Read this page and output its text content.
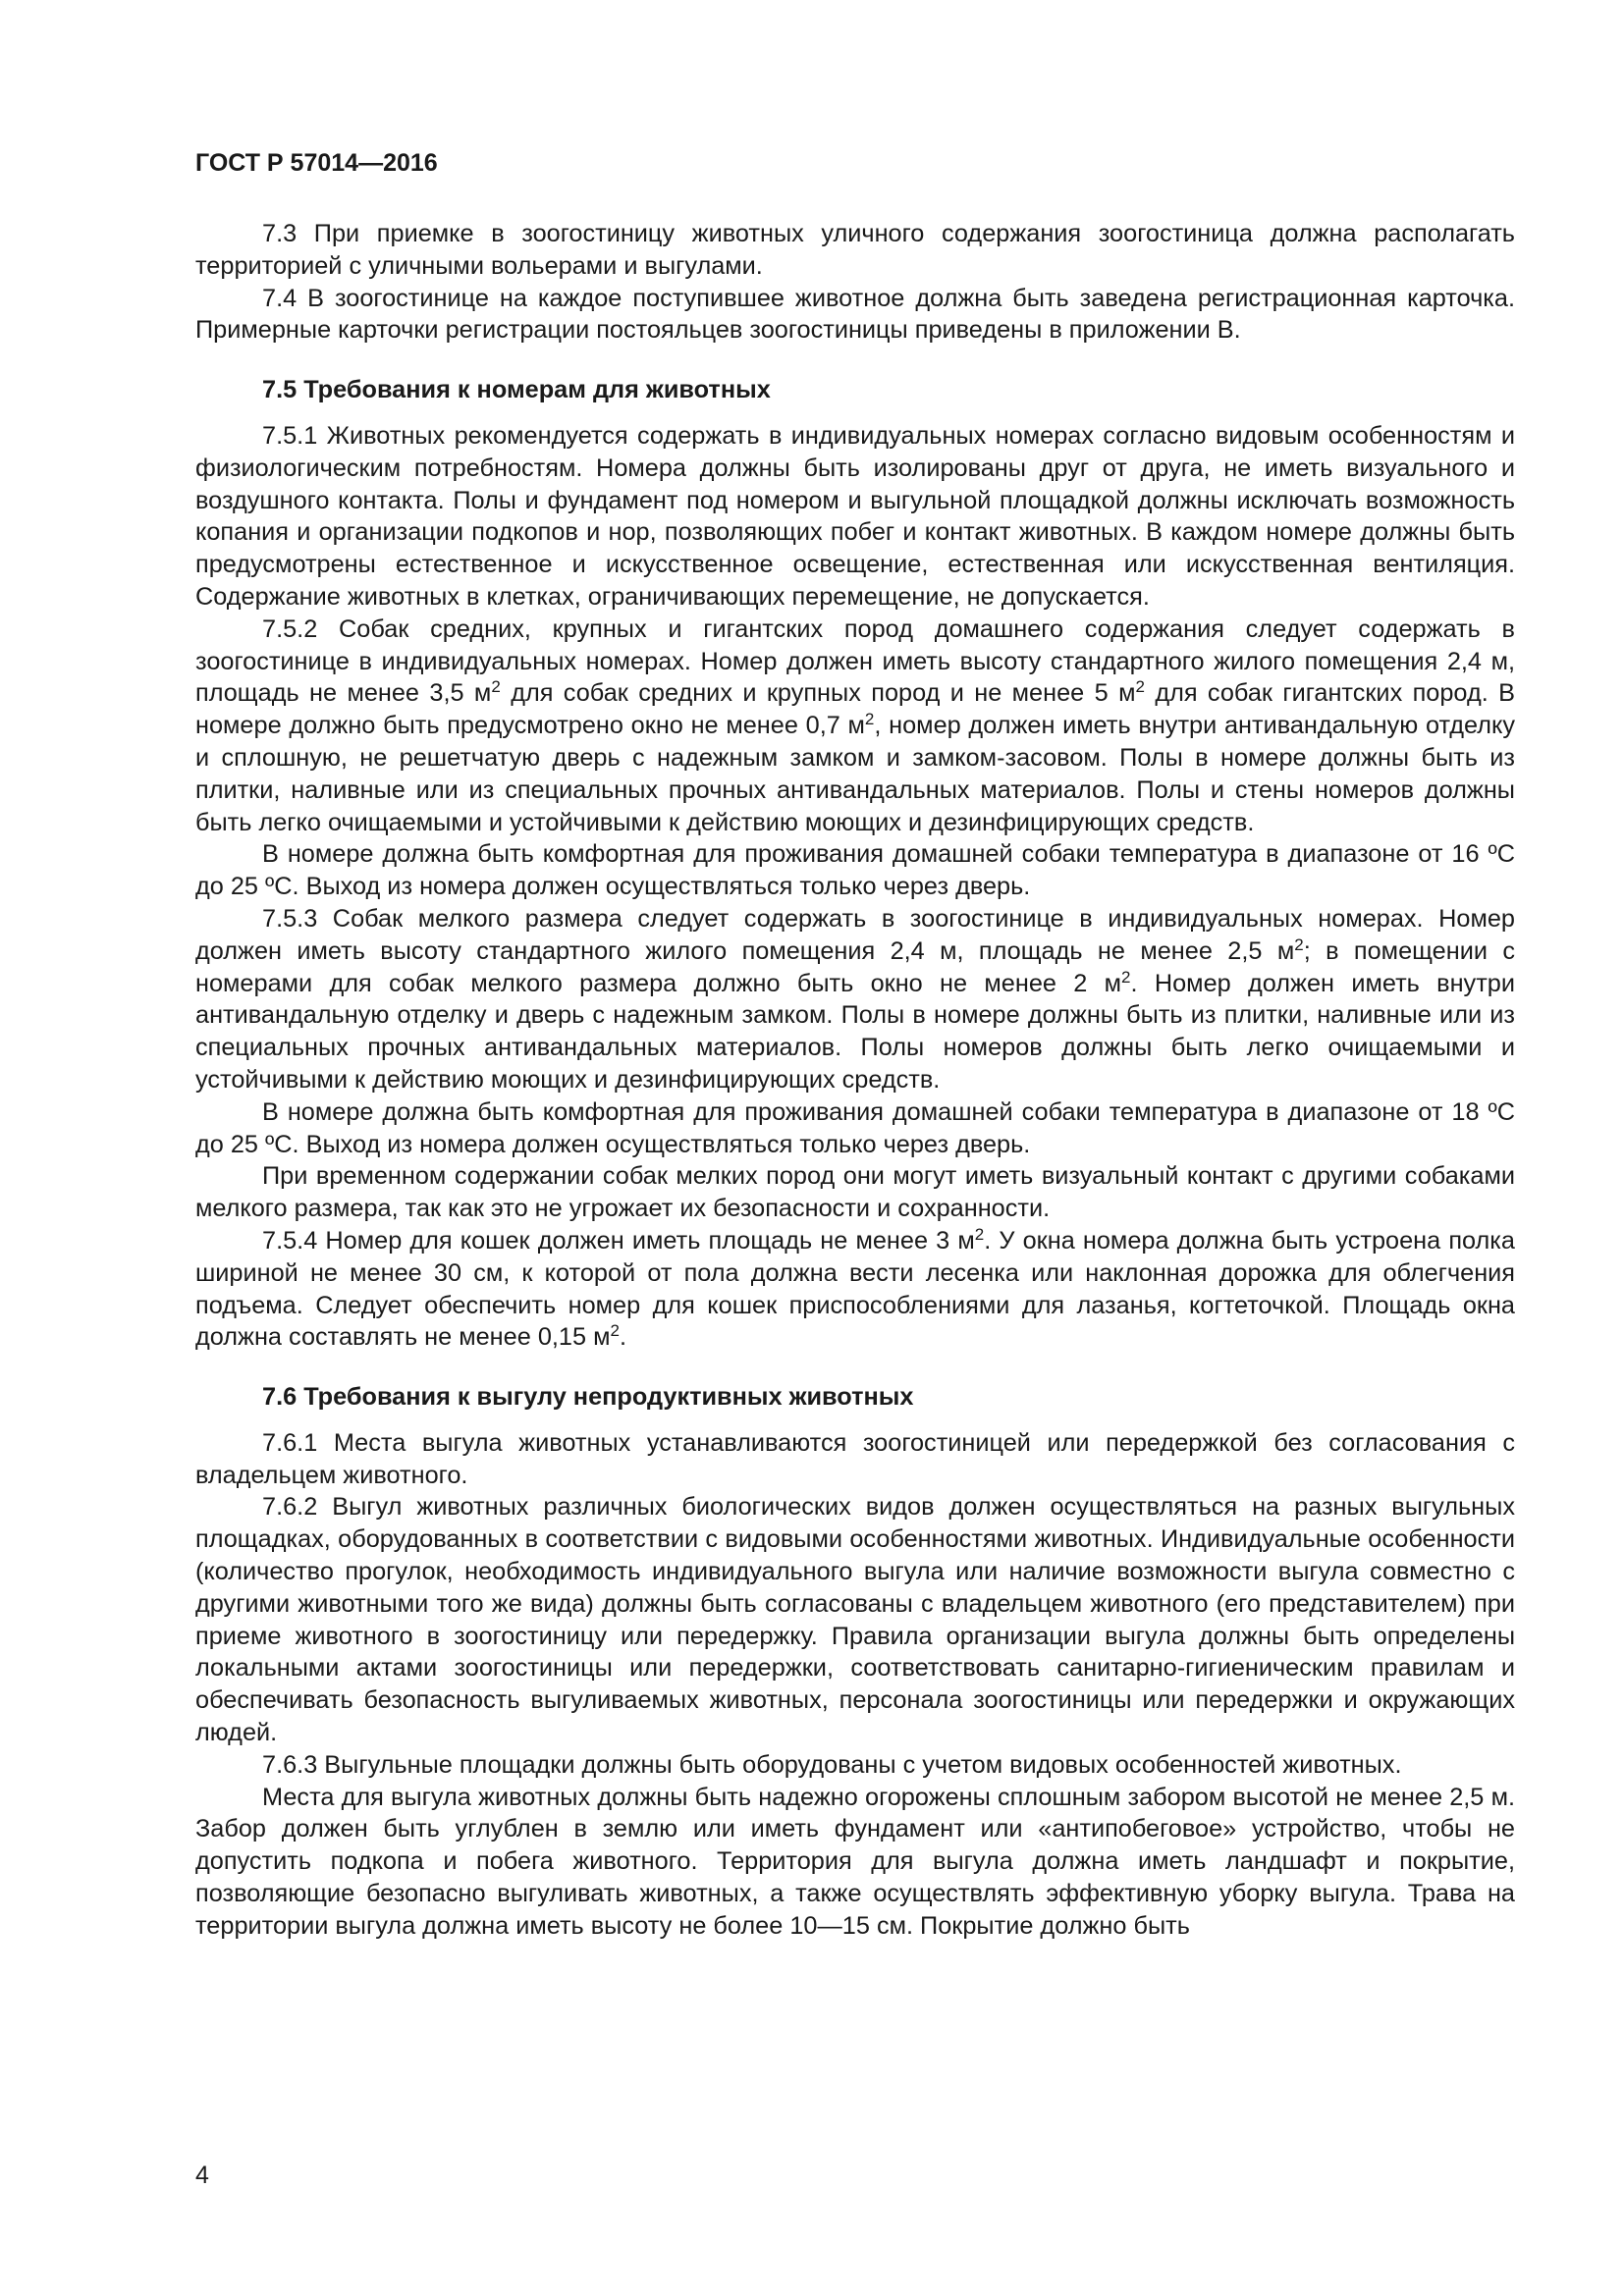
ГОСТ Р 57014—2016

7.3 При приемке в зоогостиницу животных уличного содержания зоогостиница должна располагать территорией с уличными вольерами и выгулами.

7.4 В зоогостинице на каждое поступившее животное должна быть заведена регистрационная карточка. Примерные карточки регистрации постояльцев зоогостиницы приведены в приложении В.

7.5 Требования к номерам для животных

7.5.1 Животных рекомендуется содержать в индивидуальных номерах согласно видовым особенностям и физиологическим потребностям. Номера должны быть изолированы друг от друга, не иметь визуального и воздушного контакта. Полы и фундамент под номером и выгульной площадкой должны исключать возможность копания и организации подкопов и нор, позволяющих побег и контакт животных. В каждом номере должны быть предусмотрены естественное и искусственное освещение, естественная или искусственная вентиляция. Содержание животных в клетках, ограничивающих перемещение, не допускается.

7.5.2 Собак средних, крупных и гигантских пород домашнего содержания следует содержать в зоогостинице в индивидуальных номерах. Номер должен иметь высоту стандартного жилого помещения 2,4 м, площадь не менее 3,5 $м^2$ для собак средних и крупных пород и не менее 5 $м^2$ для собак гигантских пород. В номере должно быть предусмотрено окно не менее 0,7 $м^2$, номер должен иметь внутри антивандальную отделку и сплошную, не решетчатую дверь с надежным замком и замком-засовом. Полы в номере должны быть из плитки, наливные или из специальных прочных антивандальных материалов. Полы и стены номеров должны быть легко очищаемыми и устойчивыми к действию моющих и дезинфицирующих средств.

В номере должна быть комфортная для проживания домашней собаки температура в диапазоне от 16 ºС до 25 ºС. Выход из номера должен осуществляться только через дверь.

7.5.3 Собак мелкого размера следует содержать в зоогостинице в индивидуальных номерах. Номер должен иметь высоту стандартного жилого помещения 2,4 м, площадь не менее 2,5 $м^2$; в помещении с номерами для собак мелкого размера должно быть окно не менее 2 $м^2$. Номер должен иметь внутри антивандальную отделку и дверь с надежным замком. Полы в номере должны быть из плитки, наливные или из специальных прочных антивандальных материалов. Полы номеров должны быть легко очищаемыми и устойчивыми к действию моющих и дезинфицирующих средств.

В номере должна быть комфортная для проживания домашней собаки температура в диапазоне от 18 ºС до 25 ºС. Выход из номера должен осуществляться только через дверь.

При временном содержании собак мелких пород они могут иметь визуальный контакт с другими собаками мелкого размера, так как это не угрожает их безопасности и сохранности.

7.5.4 Номер для кошек должен иметь площадь не менее 3 $м^2$. У окна номера должна быть устроена полка шириной не менее 30 см, к которой от пола должна вести лесенка или наклонная дорожка для облегчения подъема. Следует обеспечить номер для кошек приспособлениями для лазанья, когтеточкой. Площадь окна должна составлять не менее 0,15 $м^2$.

7.6 Требования к выгулу непродуктивных животных

7.6.1 Места выгула животных устанавливаются зоогостиницей или передержкой без согласования с владельцем животного.

7.6.2 Выгул животных различных биологических видов должен осуществляться на разных выгульных площадках, оборудованных в соответствии с видовыми особенностями животных. Индивидуальные особенности (количество прогулок, необходимость индивидуального выгула или наличие возможности выгула совместно с другими животными того же вида) должны быть согласованы с владельцем животного (его представителем) при приеме животного в зоогостиницу или передержку. Правила организации выгула должны быть определены локальными актами зоогостиницы или передержки, соответствовать санитарно-гигиеническим правилам и обеспечивать безопасность выгуливаемых животных, персонала зоогостиницы или передержки и окружающих людей.

7.6.3 Выгульные площадки должны быть оборудованы с учетом видовых особенностей животных.

Места для выгула животных должны быть надежно огорожены сплошным забором высотой не менее 2,5 м. Забор должен быть углублен в землю или иметь фундамент или «антипобеговое» устройство, чтобы не допустить подкопа и побега животного. Территория для выгула должна иметь ландшафт и покрытие, позволяющие безопасно выгуливать животных, а также осуществлять эффективную уборку выгула. Трава на территории выгула должна иметь высоту не более 10—15 см. Покрытие должно быть

4
